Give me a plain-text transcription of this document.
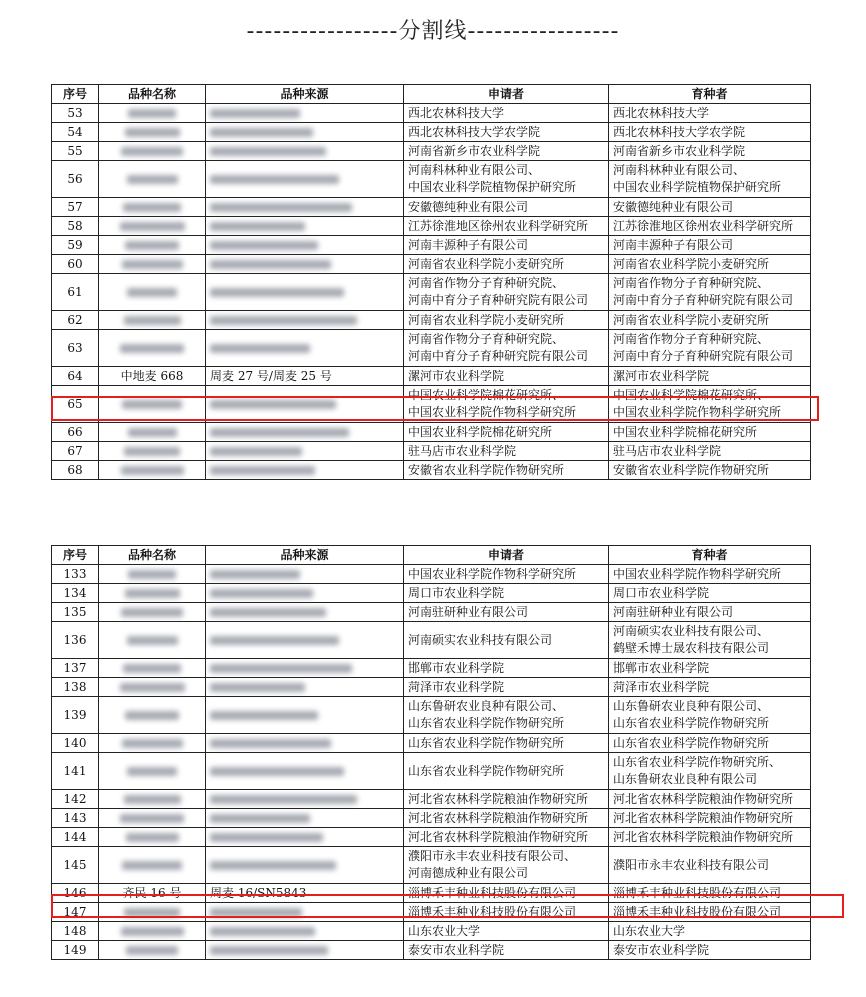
-----------------分割线-----------------
序号	品种名称	品种来源	申请者	育种者
53			西北农林科技大学	西北农林科技大学

54			西北农林科技大学农学院	西北农林科技大学农学院

55			河南省新乡市农业科学院	河南省新乡市农业科学院

56			河南科林种业有限公司、
中国农业科学院植物保护研究所	河南科林种业有限公司、
中国农业科学院植物保护研究所

57			安徽德纯种业有限公司	安徽德纯种业有限公司

58			江苏徐淮地区徐州农业科学研究所	江苏徐淮地区徐州农业科学研究所

59			河南丰源种子有限公司	河南丰源种子有限公司

60			河南省农业科学院小麦研究所	河南省农业科学院小麦研究所

61			河南省作物分子育种研究院、
河南中育分子育种研究院有限公司	河南省作物分子育种研究院、
河南中育分子育种研究院有限公司

62			河南省农业科学院小麦研究所	河南省农业科学院小麦研究所

63			河南省作物分子育种研究院、
河南中育分子育种研究院有限公司	河南省作物分子育种研究院、
河南中育分子育种研究院有限公司

64	中地麦 668	周麦 27 号/周麦 25 号	漯河市农业科学院	漯河市农业科学院

65			中国农业科学院棉花研究所、
中国农业科学院作物科学研究所	中国农业科学院棉花研究所、
中国农业科学院作物科学研究所

66			中国农业科学院棉花研究所	中国农业科学院棉花研究所

67			驻马店市农业科学院	驻马店市农业科学院

68			安徽省农业科学院作物研究所	安徽省农业科学院作物研究所
序号	品种名称	品种来源	申请者	育种者
133			中国农业科学院作物科学研究所	中国农业科学院作物科学研究所

134			周口市农业科学院	周口市农业科学院

135			河南驻研种业有限公司	河南驻研种业有限公司

136			河南硕实农业科技有限公司	河南硕实农业科技有限公司、
鹤壁禾博士晟农科技有限公司

137			邯郸市农业科学院	邯郸市农业科学院

138			菏泽市农业科学院	菏泽市农业科学院

139			山东鲁研农业良种有限公司、
山东省农业科学院作物研究所	山东鲁研农业良种有限公司、
山东省农业科学院作物研究所

140			山东省农业科学院作物研究所	山东省农业科学院作物研究所

141			山东省农业科学院作物研究所	山东省农业科学院作物研究所、
山东鲁研农业良种有限公司

142			河北省农林科学院粮油作物研究所	河北省农林科学院粮油作物研究所

143			河北省农林科学院粮油作物研究所	河北省农林科学院粮油作物研究所

144			河北省农林科学院粮油作物研究所	河北省农林科学院粮油作物研究所

145			濮阳市永丰农业科技有限公司、
河南德成种业有限公司	濮阳市永丰农业科技有限公司

146	齐民 16 号	周麦 16/SN5843	淄博禾丰种业科技股份有限公司	淄博禾丰种业科技股份有限公司

147			淄博禾丰种业科技股份有限公司	淄博禾丰种业科技股份有限公司

148			山东农业大学	山东农业大学

149			泰安市农业科学院	泰安市农业科学院
